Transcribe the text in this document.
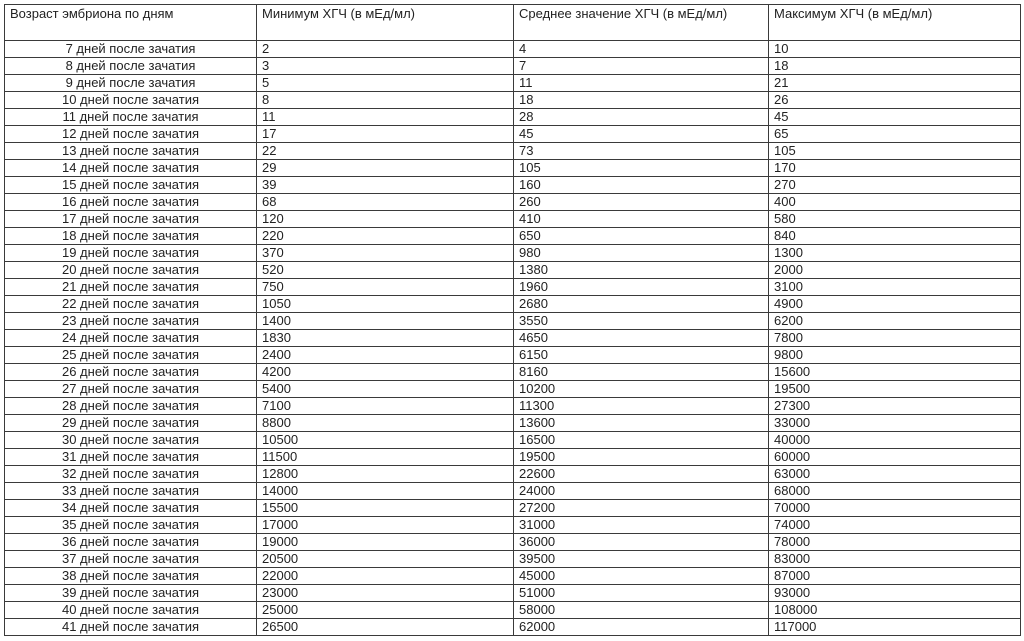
Возраст эмбриона по дням	Минимум ХГЧ (в мЕд/мл)	Среднее значение ХГЧ (в мЕд/мл)	Максимум ХГЧ (в мЕд/мл)
7 дней после зачатия	2	4	10
8 дней после зачатия	3	7	18
9 дней после зачатия	5	11	21
10 дней после зачатия	8	18	26
11 дней после зачатия	11	28	45
12 дней после зачатия	17	45	65
13 дней после зачатия	22	73	105
14 дней после зачатия	29	105	170
15 дней после зачатия	39	160	270
16 дней после зачатия	68	260	400
17 дней после зачатия	120	410	580
18 дней после зачатия	220	650	840
19 дней после зачатия	370	980	1300
20 дней после зачатия	520	1380	2000
21 дней после зачатия	750	1960	3100
22 дней после зачатия	1050	2680	4900
23 дней после зачатия	1400	3550	6200
24 дней после зачатия	1830	4650	7800
25 дней после зачатия	2400	6150	9800
26 дней после зачатия	4200	8160	15600
27 дней после зачатия	5400	10200	19500
28 дней после зачатия	7100	11300	27300
29 дней после зачатия	8800	13600	33000
30 дней после зачатия	10500	16500	40000
31 дней после зачатия	11500	19500	60000
32 дней после зачатия	12800	22600	63000
33 дней после зачатия	14000	24000	68000
34 дней после зачатия	15500	27200	70000
35 дней после зачатия	17000	31000	74000
36 дней после зачатия	19000	36000	78000
37 дней после зачатия	20500	39500	83000
38 дней после зачатия	22000	45000	87000
39 дней после зачатия	23000	51000	93000
40 дней после зачатия	25000	58000	108000
41 дней после зачатия	26500	62000	117000
